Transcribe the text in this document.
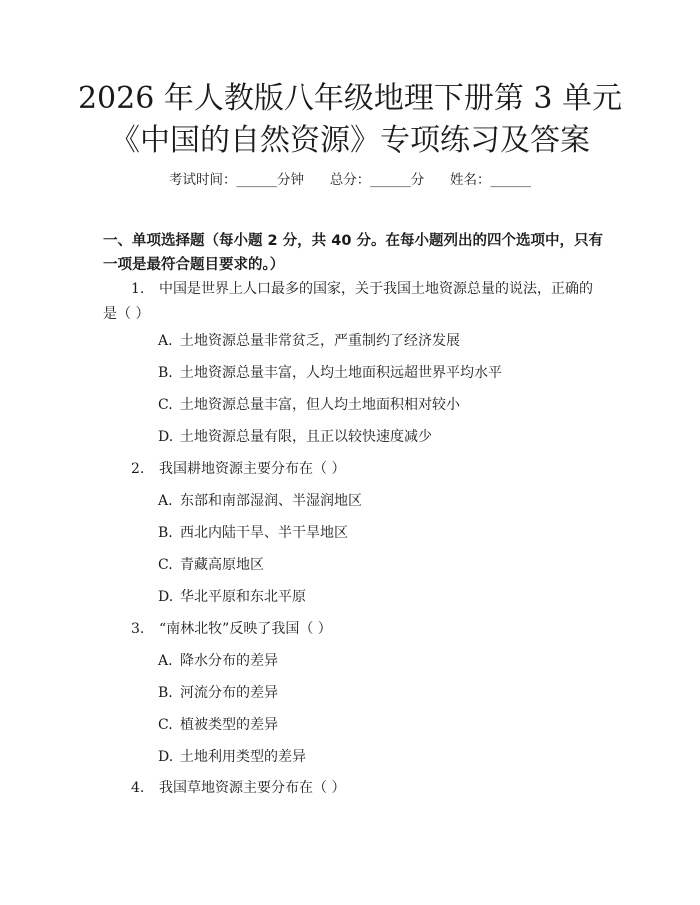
2026 年人教版八年级地理下册第 3 单元《中国的自然资源》专项练习及答案
考试时间：______分钟      总分：______分      姓名：______
一、单项选择题（每小题 2 分，共 40 分。在每小题列出的四个选项中，只有一项是最符合题目要求的。）
1. 中国是世界上人口最多的国家，关于我国土地资源总量的说法，正确的是（ ）
A. 土地资源总量非常贫乏，严重制约了经济发展
B. 土地资源总量丰富，人均土地面积远超世界平均水平
C. 土地资源总量丰富，但人均土地面积相对较小
D. 土地资源总量有限，且正以较快速度减少
2. 我国耕地资源主要分布在（ ）
A. 东部和南部湿润、半湿润地区
B. 西北内陆干旱、半干旱地区
C. 青藏高原地区
D. 华北平原和东北平原
3. “南林北牧”反映了我国（ ）
A. 降水分布的差异
B. 河流分布的差异
C. 植被类型的差异
D. 土地利用类型的差异
4. 我国草地资源主要分布在（ ）
